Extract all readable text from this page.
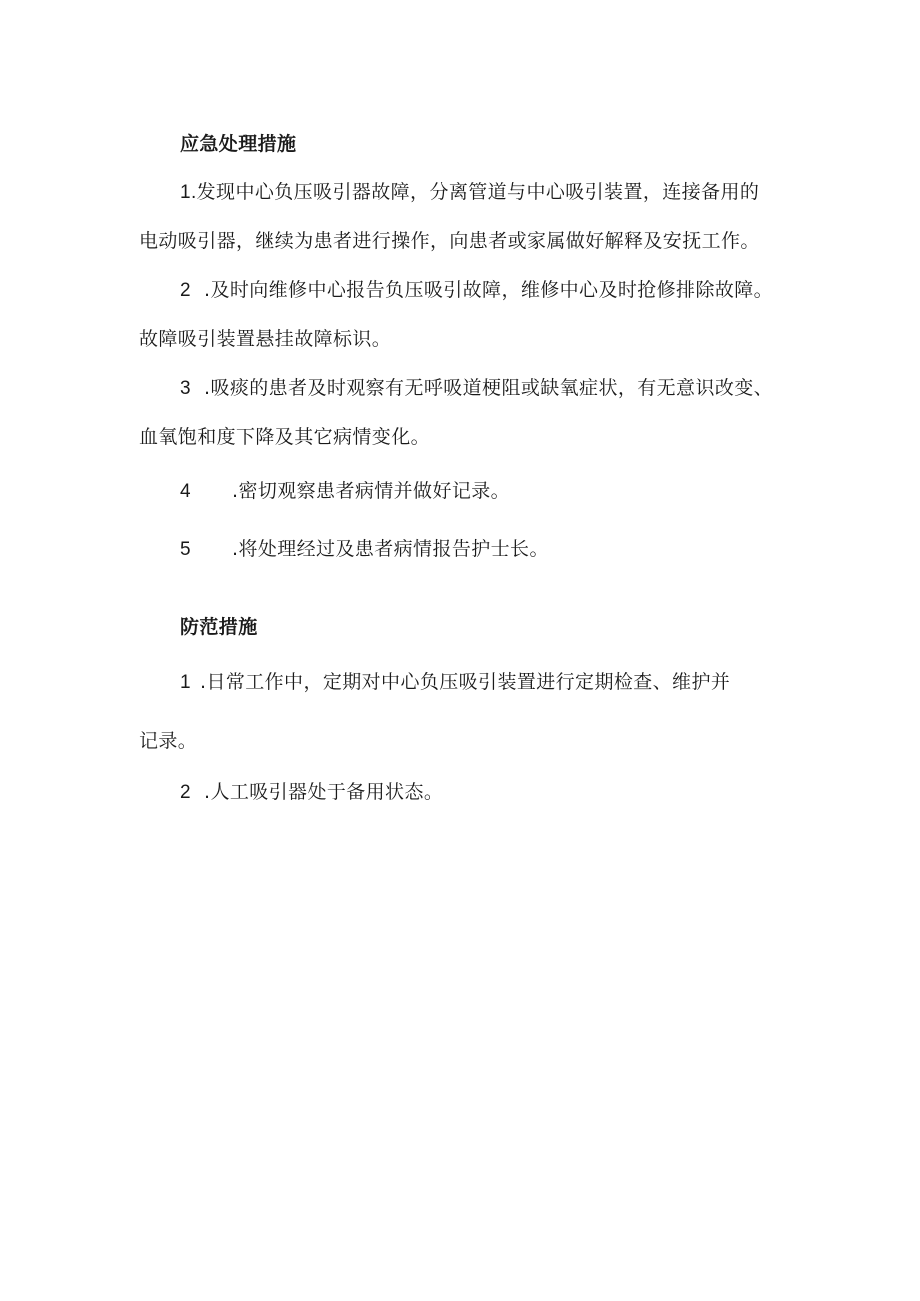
应急处理措施
1.发现中心负压吸引器故障，分离管道与中心吸引装置，连接备用的
电动吸引器，继续为患者进行操作，向患者或家属做好解释及安抚工作。
2 .及时向维修中心报告负压吸引故障，维修中心及时抢修排除故障。
故障吸引装置悬挂故障标识。
3 .吸痰的患者及时观察有无呼吸道梗阻或缺氧症状，有无意识改变、
血氧饱和度下降及其它病情变化。
4 .密切观察患者病情并做好记录。
5 .将处理经过及患者病情报告护士长。
防范措施
1 .日常工作中，定期对中心负压吸引装置进行定期检查、维护并
记录。
2 .人工吸引器处于备用状态。
